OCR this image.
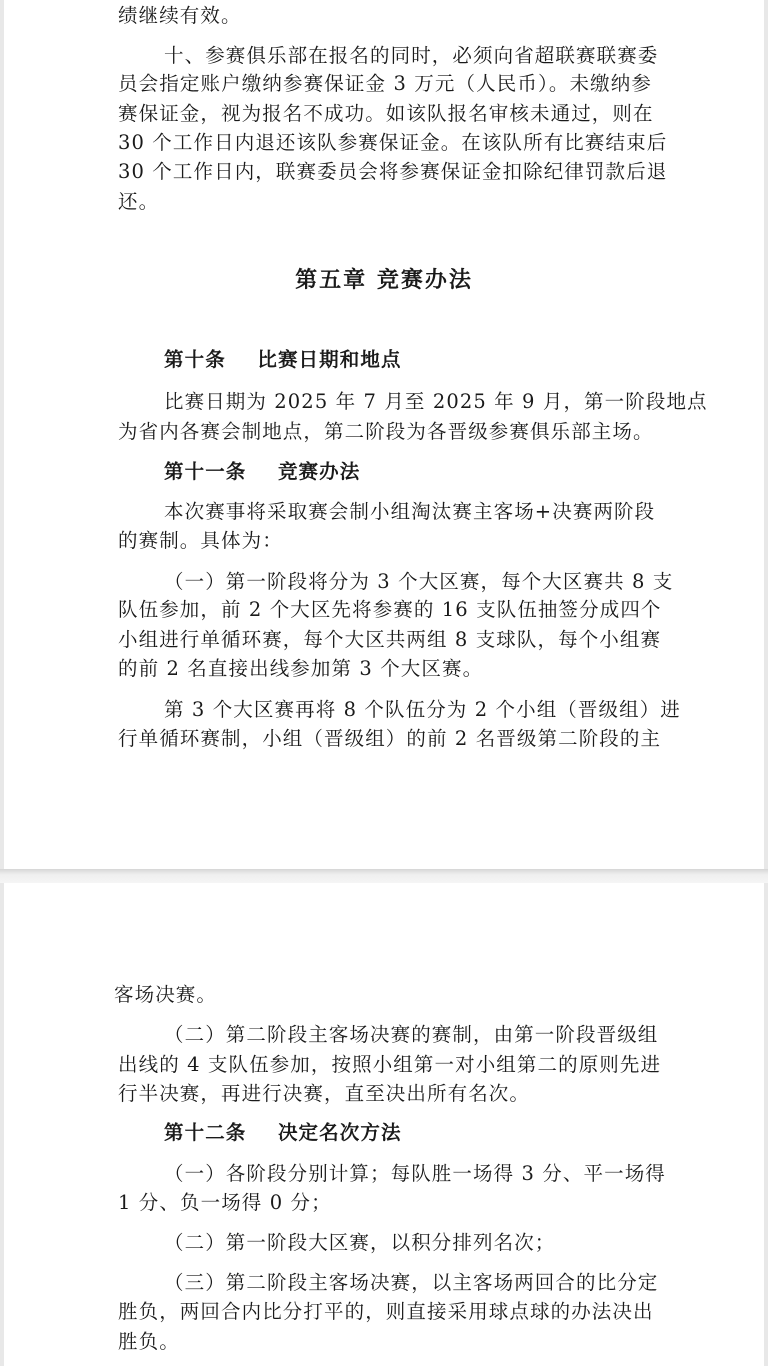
绩继续有效。
十、参赛俱乐部在报名的同时，必须向省超联赛联赛委
员会指定账户缴纳参赛保证金 3 万元（人民币）。未缴纳参
赛保证金，视为报名不成功。如该队报名审核未通过，则在
30 个工作日内退还该队参赛保证金。在该队所有比赛结束后
30 个工作日内，联赛委员会将参赛保证金扣除纪律罚款后退
还。
第五章 竞赛办法
第十条    比赛日期和地点
比赛日期为 2025 年 7 月至 2025 年 9 月，第一阶段地点
为省内各赛会制地点，第二阶段为各晋级参赛俱乐部主场。
第十一条    竞赛办法
本次赛事将采取赛会制小组淘汰赛主客场+决赛两阶段
的赛制。具体为：
（一）第一阶段将分为 3 个大区赛，每个大区赛共 8 支
队伍参加，前 2 个大区先将参赛的 16 支队伍抽签分成四个
小组进行单循环赛，每个大区共两组 8 支球队，每个小组赛
的前 2 名直接出线参加第 3 个大区赛。
第 3 个大区赛再将 8 个队伍分为 2 个小组（晋级组）进
行单循环赛制，小组（晋级组）的前 2 名晋级第二阶段的主
客场决赛。
（二）第二阶段主客场决赛的赛制，由第一阶段晋级组
出线的 4 支队伍参加，按照小组第一对小组第二的原则先进
行半决赛，再进行决赛，直至决出所有名次。
第十二条    决定名次方法
（一）各阶段分别计算；每队胜一场得 3 分、平一场得
1 分、负一场得 0 分；
（二）第一阶段大区赛，以积分排列名次；
（三）第二阶段主客场决赛，以主客场两回合的比分定
胜负，两回合内比分打平的，则直接采用球点球的办法决出
胜负。
